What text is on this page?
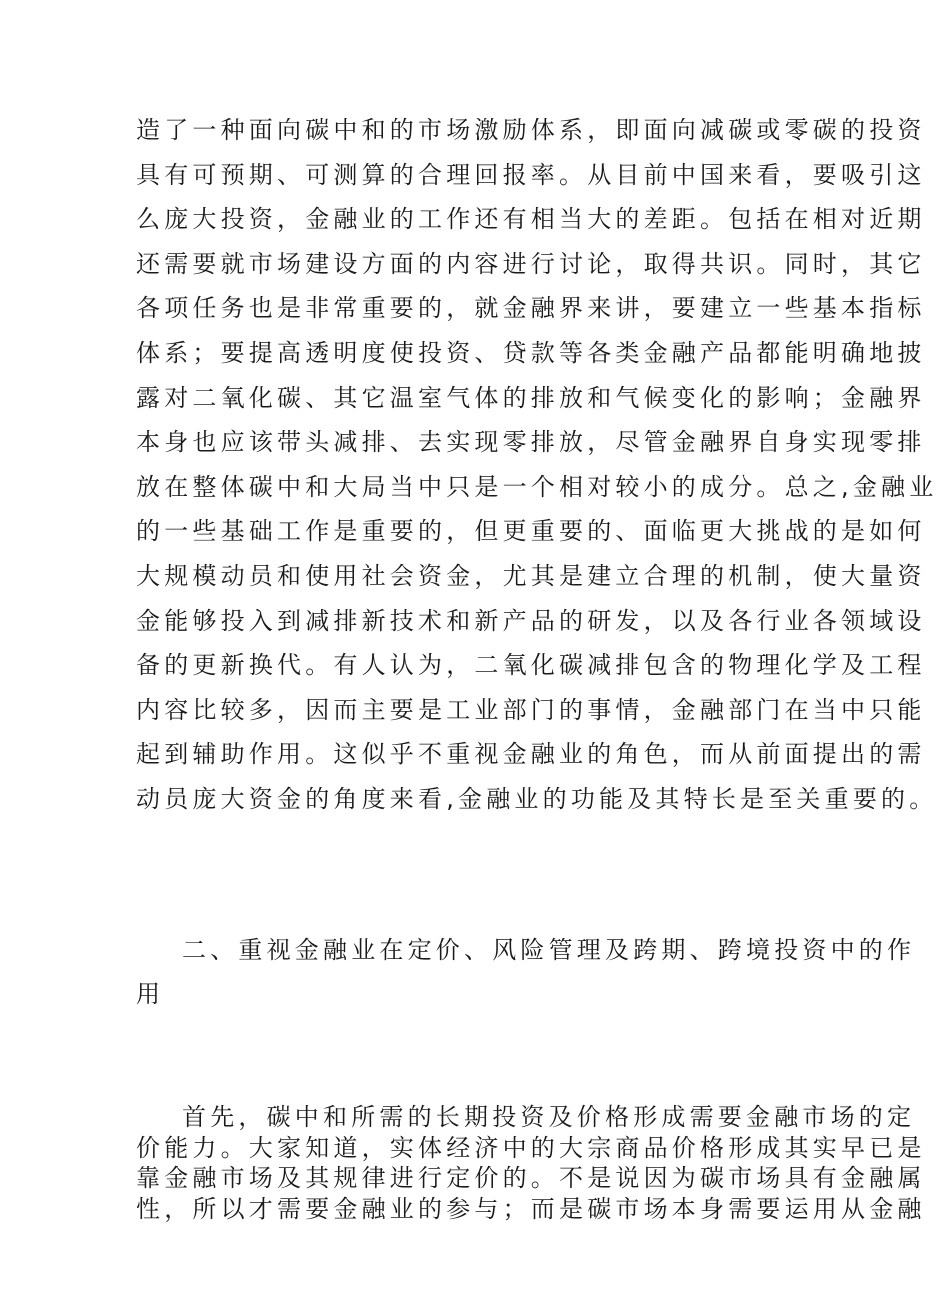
造了一种面向碳中和的市场激励体系，即面向减碳或零碳的投资
具有可预期、可测算的合理回报率。从目前中国来看，要吸引这
么庞大投资，金融业的工作还有相当大的差距。包括在相对近期
还需要就市场建设方面的内容进行讨论，取得共识。同时，其它
各项任务也是非常重要的，就金融界来讲，要建立一些基本指标
体系；要提高透明度使投资、贷款等各类金融产品都能明确地披
露对二氧化碳、其它温室气体的排放和气候变化的影响；金融界
本身也应该带头减排、去实现零排放，尽管金融界自身实现零排
放在整体碳中和大局当中只是一个相对较小的成分。总之,金融业
的一些基础工作是重要的，但更重要的、面临更大挑战的是如何
大规模动员和使用社会资金，尤其是建立合理的机制，使大量资
金能够投入到减排新技术和新产品的研发，以及各行业各领域设
备的更新换代。有人认为，二氧化碳减排包含的物理化学及工程
内容比较多，因而主要是工业部门的事情，金融部门在当中只能
起到辅助作用。这似乎不重视金融业的角色，而从前面提出的需
动员庞大资金的角度来看,金融业的功能及其特长是至关重要的。
二、重视金融业在定价、风险管理及跨期、跨境投资中的作
用
首先，碳中和所需的长期投资及价格形成需要金融市场的定
价能力。大家知道，实体经济中的大宗商品价格形成其实早已是
靠金融市场及其规律进行定价的。不是说因为碳市场具有金融属
性，所以才需要金融业的参与；而是碳市场本身需要运用从金融
